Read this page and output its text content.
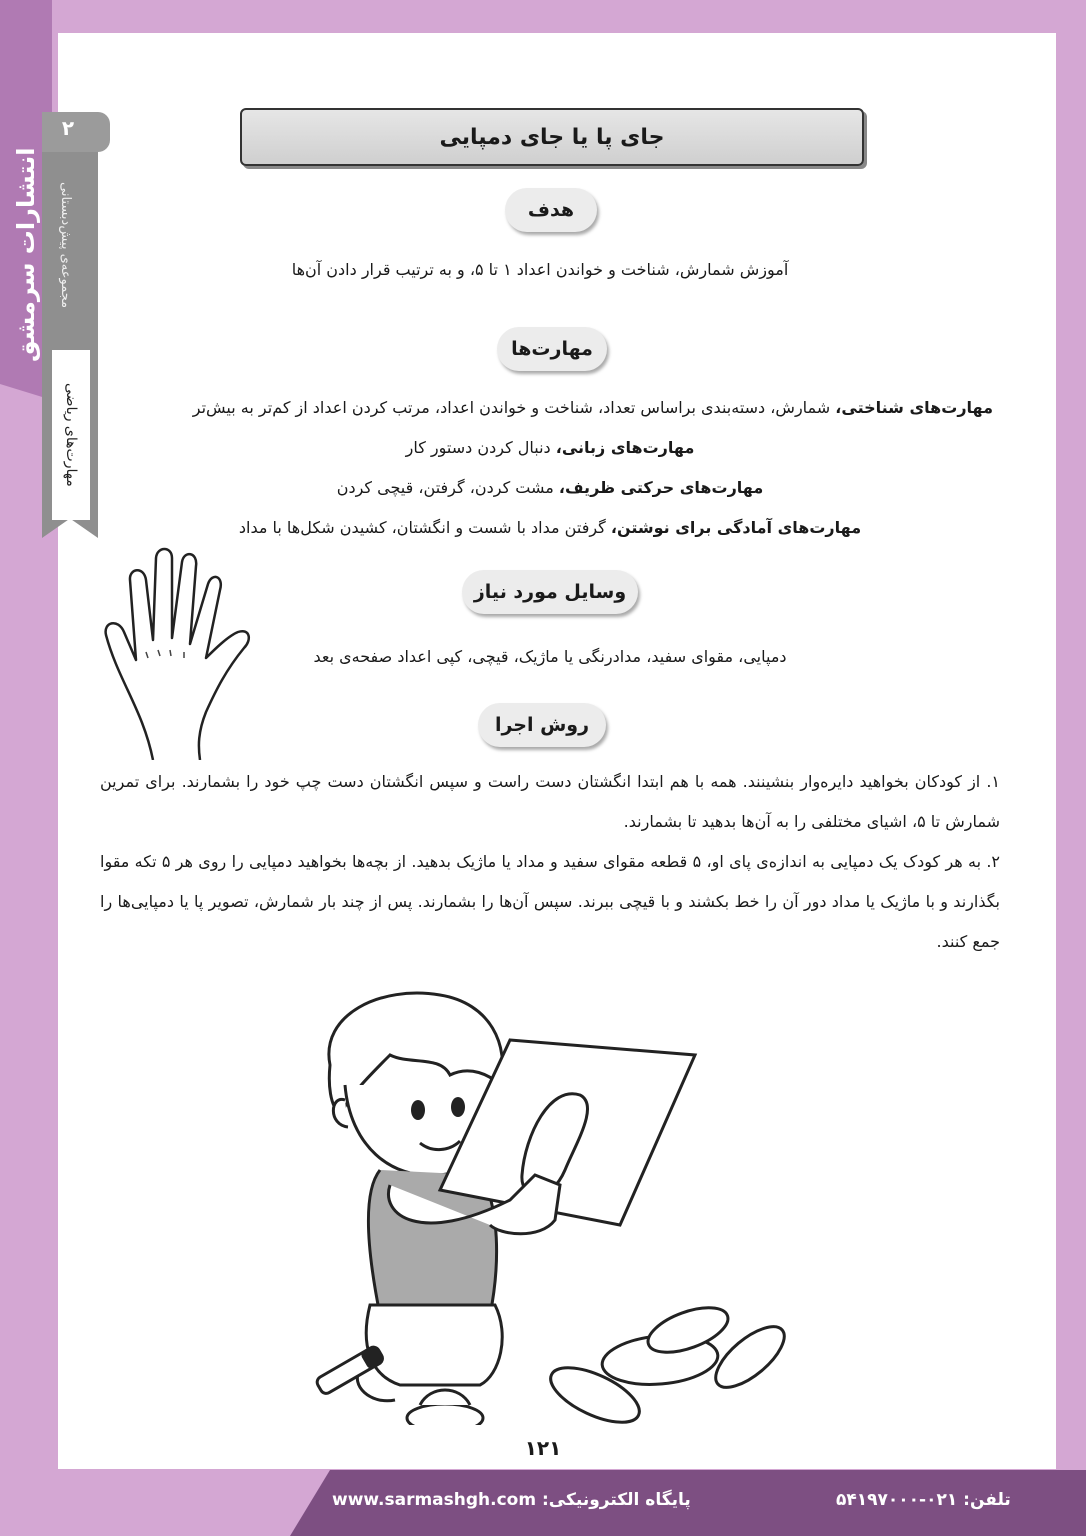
انتشارات سرمشق
۲
مجموعه‌ی پیش‌دبستانی
مهارت‌های ریاضی
جای پا یا جای دمپایی
هدف
آموزش شمارش، شناخت و خواندن اعداد ۱ تا ۵، و به ترتیب قرار دادن آن‌ها
مهارت‌ها
مهارت‌های شناختی، شمارش، دسته‌بندی براساس تعداد، شناخت و خواندن اعداد، مرتب کردن اعداد از کم‌تر به بیش‌تر
مهارت‌های زبانی، دنبال کردن دستور کار
مهارت‌های حرکتی ظریف، مشت کردن، گرفتن، قیچی کردن
مهارت‌های آمادگی برای نوشتن، گرفتن مداد با شست و انگشتان، کشیدن شکل‌ها با مداد
وسایل مورد نیاز
دمپایی، مقوای سفید، مدادرنگی یا ماژیک، قیچی، کپی اعداد صفحه‌ی بعد
روش اجرا

۱. از کودکان بخواهید دایره‌وار بنشینند. همه با هم ابتدا انگشتان دست راست و سپس انگشتان دست چپ خود را بشمارند. برای تمرین شمارش تا ۵، اشیای مختلفی را به آن‌ها بدهید تا بشمارند.

۲. به هر کودک یک دمپایی به اندازه‌ی پای او، ۵ قطعه مقوای سفید و مداد یا ماژیک بدهید. از بچه‌ها بخواهید دمپایی را روی هر ۵ تکه مقوا بگذارند و با ماژیک یا مداد دور آن را خط بکشند و با قیچی ببرند. سپس آن‌ها را بشمارند. پس از چند بار شمارش، تصویر پا یا دمپایی‌ها را جمع کنند.

۱۲۱
پایگاه الکترونیکی: www.sarmashgh.com	تلفن: ۰۲۱-۵۴۱۹۷۰۰۰
